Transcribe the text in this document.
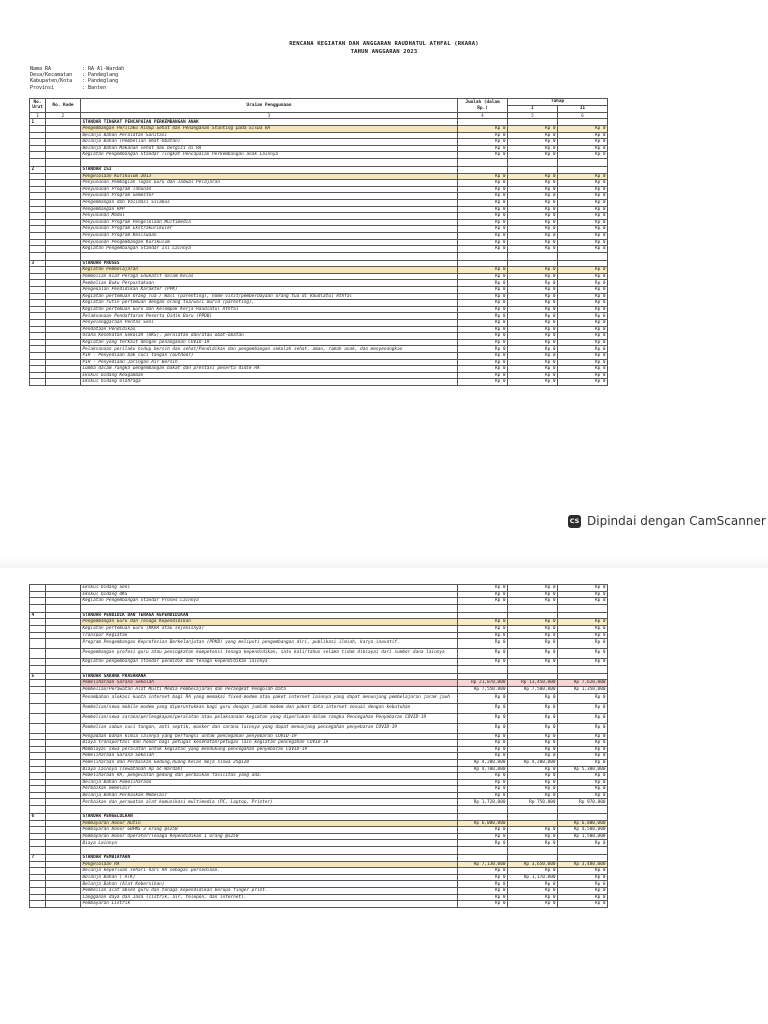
RENCANA KEGIATAN DAN ANGGARAN RAUDHATUL ATHFAL (RKARA)
TAHUN ANGGARAN 2023
Nama RA	: RA Al-Wardah
Desa/Kecamatan	: Pandeglang
Kabupaten/Kota	: Pandeglang
Provinsi	: Banten
No. Urut	No. Kode	Uraian Penggunaan	Jumlah (dalam Rp.)	Tahap	
				I	II
1	2	3	4	5	6
1		STANDAR TINGKAT PENCAPAIAN PERKEMBANGAN ANAK			
		Pengembangan Perilaku Hidup Sehat dan Penanganan Stunting pada Siswa RA	Rp 0	Rp 0	Rp 0
		Belanja Bahan Peralatan Sanitasi	Rp 0	Rp 0	Rp 0
		Belanja Bahan (Pembelian Obat-Obatan)	Rp 0	Rp 0	Rp 0
		Belanja Bahan Makanan sehat dan bergizi di RA	Rp 0	Rp 0	Rp 0
		Kegiatan Pengembangan Standar Tingkat Pencapaian Perkembangan anak Lainnya	Rp 0	Rp 0	Rp 0

2		STANDAR ISI			
		Pengelolaan Kurikulum 2013	Rp 0	Rp 0	Rp 0
		Penyusunan Pembagian Tugas Guru dan Jadwal Pelajaran	Rp 0	Rp 0	Rp 0
		Penyusunan Program Tahunan	Rp 0	Rp 0	Rp 0
		Penyusunan Program Semester	Rp 0	Rp 0	Rp 0
		Pengembangan dan Validasi Silabus	Rp 0	Rp 0	Rp 0
		Pengembangan RPP	Rp 0	Rp 0	Rp 0
		Penyusunan Modul	Rp 0	Rp 0	Rp 0
		Penyusunan Program Pengelolaan Multimedia	Rp 0	Rp 0	Rp 0
		Penyusunan Program Ekstrakurikuler	Rp 0	Rp 0	Rp 0
		Penyusunan Program Kesiswaan	Rp 0	Rp 0	Rp 0
		Penyusunan Pengembangan Kurikulum	Rp 0	Rp 0	Rp 0
		Kegiatan Pengembangan Standar Isi Lainnya	Rp 0	Rp 0	Rp 0

3		STANDAR PROSES			
		Kegiatan Pembelajaran	Rp 0	Rp 0	Rp 0
		Pembelian Alat Peraga Edukatif dalam Kelas	Rp 0	Rp 0	Rp 0
		Pembelian Buku Perpustakaan	Rp 0	Rp 0	Rp 0
		Pengenalan Pendidikan Karakter (PPK)	Rp 0	Rp 0	Rp 0
		Kegiatan pertemuan Orang Tua / Wali (parenting), home visit/pemberdayaan orang tua di Raudlatul Athfal	Rp 0	Rp 0	Rp 0
		Kegiatan rutin pertemuan dengan orang tua/wali murid (parenting),	Rp 0	Rp 0	Rp 0
		Kegiatan pertemuan Guru dan Kelompok Kerja Raudlatul Athfal	Rp 0	Rp 0	Rp 0
		Pelaksanaan Pendaftaran Peserta Didik Baru (PPDB)	Rp 0	Rp 0	Rp 0
		Penyelenggaraan Pentas Seni	Rp 0	Rp 0	Rp 0
		Pendataan Pendidikan	Rp 0	Rp 0	Rp 0
		Usaha Kesehatan Sekolah (UKS), peralatan dan/atau obat-obatan	Rp 0	Rp 0	Rp 0
		Kegiatan yang terkait dengan penanganan COVID-19	Rp 0	Rp 0	Rp 0
		Pelaksanaan perilaku hidup bersih dan sehat/Pendidikan dan pengembangan sekolah sehat, aman, ramah anak, dan menyenangkan	Rp 0	Rp 0	Rp 0
		PIH - Penyediaan bak cuci tangan (outdoor)	Rp 0	Rp 0	Rp 0
		PIH - Penyediaan Jaringan Air Bersih	Rp 0	Rp 0	Rp 0
		Lomba dalam rangka pengembangan bakat dan prestasi peserta didik RA	Rp 0	Rp 0	Rp 0
		Ekskul bidang Keagamaan	Rp 0	Rp 0	Rp 0
		Ekskul bidang Olahraga	Rp 0	Rp 0	Rp 0
CS Dipindai dengan CamScanner
		Ekskul bidang Seni	Rp 0	Rp 0	Rp 0
		Ekskul bidang UKS	Rp 0	Rp 0	Rp 0
		Kegiatan Pengembangan Standar Proses Lainnya	Rp 0	Rp 0	Rp 0

4		STANDAR PENDIDIK DAN TENAGA KEPENDIDIKAN			
		Pengembangan Guru dan Tenaga Kependidikan	Rp 0	Rp 0	Rp 0
		Kegiatan pertemuan Guru (KKRA atau sejenisnya)	Rp 0	Rp 0	Rp 0
		Transpor Kegiatan	Rp 0	Rp 0	Rp 0
		Program Pengembangan Keprofesian Berkelanjutan (PPKB) yang meliputi pengembangan diri, publikasi ilmiah, karya inovatif.	Rp 0	Rp 0	Rp 0
		Pengembangan profesi guru atau peningkatan kompetensi tenaga kependidikan, satu kali/tahun selama tidak dibiayai dari sumber dana lainnya	Rp 0	Rp 0	Rp 0
		Kegiatan pengembangan standar pendidik dan tenaga kependidikan lainnya	Rp 0	Rp 0	Rp 0

5		STANDAR SARANA PRASARANA			
		Pemeliharaan Sarana Sekolah	Rp 21,070,000	Rp 13,450,000	Rp 7,620,000
		Pembelian/Perawatan Alat Multi Media Pembelajaran dan Perangkat Pengolah Data	Rp 7,550,000	Rp 7,500,000	Rp 1,350,000
		Penambahan alokasi kuota internet bagi RA yang memakai fixed-modem atau paket internet lainnya yang dapat menunjang pembelajaran jarak jauh	Rp 0	Rp 0	Rp 0
		Pembelian/sewa mobile modem yang diperuntukkan bagi guru dengan jumlah modem dan paket data internet sesuai dengan kebutuhan	Rp 0	Rp 0	Rp 0
		Pembelian/sewa sarana/perlengkapan/peralatan atau pelaksanaan kegiatan yang diperlukan dalam rangka Pencegahan Penyebaran COVID-19	Rp 0	Rp 0	Rp 0
		Pembelian sabun cuci tangan, anti septik, masker dan sarana lainnya yang dapat menunjang pencegahan penyebaran COVID-19	Rp 0	Rp 0	Rp 0
		Pengadaan bahan kimia lainnya yang berfungsi untuk pencegahan penyebaran COVID-19	Rp 0	Rp 0	Rp 0
		Biaya transportasi dan honor bagi petugas kesehatan/petugas lain kegiatan pencegahan COVID-19	Rp 0	Rp 0	Rp 0
		Membiayai sewa peralatan untuk kegiatan yang mendukung pencegahan penyebaran COVID-19	Rp 0	Rp 0	Rp 0
		Pemeliharaan Sarana Sekolah	Rp 0	Rp 0	Rp 0
		Pemeliharaan dan Perbaikan Gedung,Ruang Kelas meja siswa 25@120	Rp 4,200,000	Rp 4,200,000	Rp 0
		Biaya Lainnya (sewatanah Rp ac-Wardah)	Rp 4,700,000	Rp 0	Rp 5,300,000
		Pemeliharaan RA, pengecatan gedung dan perbaikan fasilitas yang ada.	Rp 0	Rp 0	Rp 0
		Belanja Bahan Pemeliharaan	Rp 0	Rp 0	Rp 0
		Perbaikan mebelair	Rp 0	Rp 0	Rp 0
		Belanja Bahan Perbaikan Mebelair	Rp 0	Rp 0	Rp 0
		Perbaikan dan perawatan alat komunikasi multimedia (PC, Laptop, Printer)	Rp 1,720,000	Rp 750,000	Rp 970,000

6		STANDAR PENGELOLAAN			
		Pembayaran Honor Rutin	Rp 6,000,000		Rp 6,000,000
		Pembayaran Honor GBPNS 3 orang @s250	Rp 0	Rp 0	Rp 4,500,000
		Pembayaran Honor Operator/Tenaga Kependidikan 1 orang @s250	Rp 0	Rp 0	Rp 1,500,000
		Biaya Lainnya	Rp 0	Rp 0	Rp 0

7		STANDAR PEMBIAYAAN			
		Pengelolaan RA	Rp 7,130,000	Rp 3,650,000	Rp 3,480,000
		Belanja keperluan sehari-hari RA sebagai persediaan.	Rp 0	Rp 0	Rp 0
		Belanja Bahan ( ATK)	Rp 0	Rp 1,170,000	Rp 0
		Belanja Bahan (Alat Kebersihan)	Rp 0	Rp 0	Rp 0
		Pembelian alat absen guru dan tenaga kependidikan berupa finger print.	Rp 0	Rp 0	Rp 0
		Langganan daya dan Jasa (listrik, air, telepon, dan internet).	Rp 0	Rp 0	Rp 0
		Pembayaran Listrik	Rp 0	Rp 0	Rp 0
